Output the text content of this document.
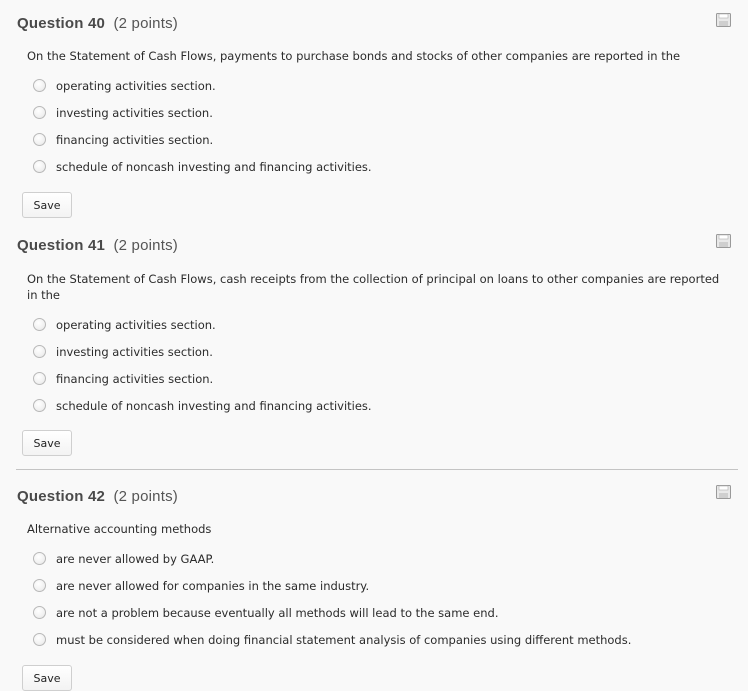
Question 40 (2 points)
On the Statement of Cash Flows, payments to purchase bonds and stocks of other companies are reported in the
operating activities section.
investing activities section.
financing activities section.
schedule of noncash investing and financing activities.
Save
Question 41 (2 points)
On the Statement of Cash Flows, cash receipts from the collection of principal on loans to other companies are reported in the
operating activities section.
investing activities section.
financing activities section.
schedule of noncash investing and financing activities.
Save
Question 42 (2 points)
Alternative accounting methods
are never allowed by GAAP.
are never allowed for companies in the same industry.
are not a problem because eventually all methods will lead to the same end.
must be considered when doing financial statement analysis of companies using different methods.
Save
